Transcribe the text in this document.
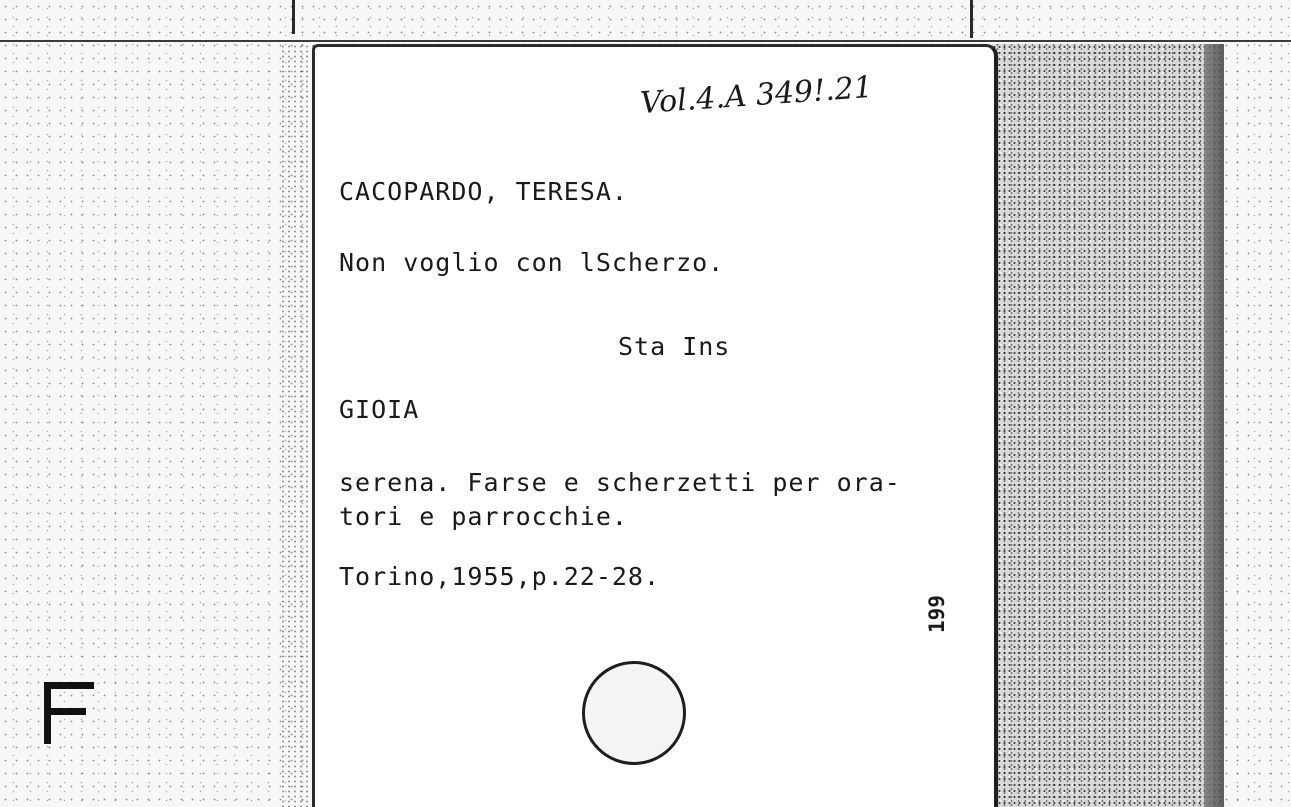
Vol.4.A 349!.21

CACOPARDO, TERESA.

Non voglio con lScherzo.

Sta Ins

GIOIA

serena. Farse e scherzetti per ora-

tori e parrocchie.

Torino,1955,p.22-28.

199
